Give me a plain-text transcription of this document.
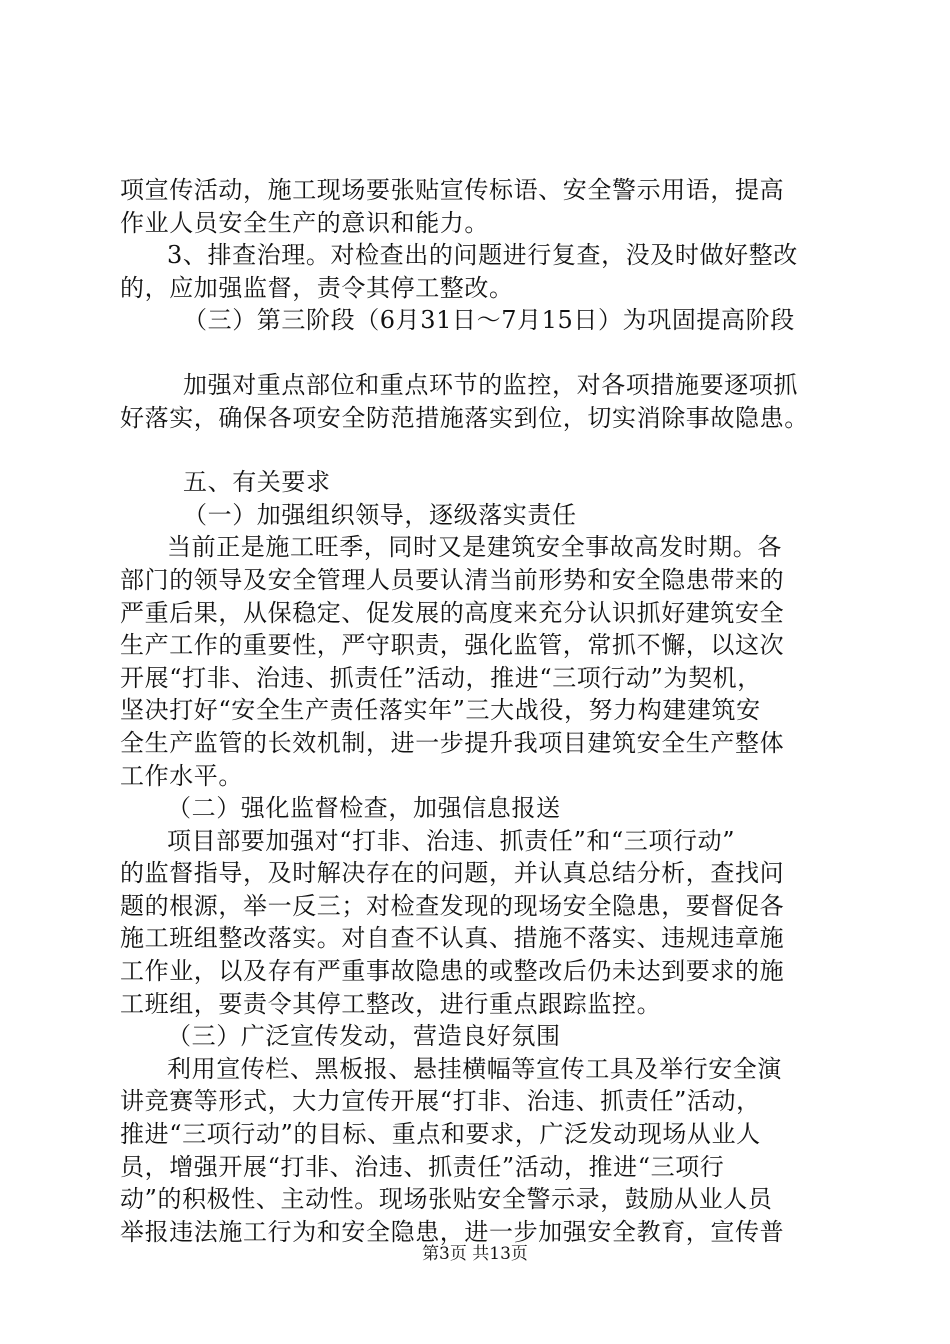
项宣传活动，施工现场要张贴宣传标语、安全警示用语，提高
作业人员安全生产的意识和能力。
3、排查治理。对检查出的问题进行复查，没及时做好整改
的，应加强监督，责令其停工整改。
（三）第三阶段（6月31日～7月15日）为巩固提高阶段
加强对重点部位和重点环节的监控，对各项措施要逐项抓
好落实，确保各项安全防范措施落实到位，切实消除事故隐患。
五、有关要求
（一）加强组织领导，逐级落实责任
当前正是施工旺季，同时又是建筑安全事故高发时期。各
部门的领导及安全管理人员要认清当前形势和安全隐患带来的
严重后果，从保稳定、促发展的高度来充分认识抓好建筑安全
生产工作的重要性，严守职责，强化监管，常抓不懈，以这次
开展“打非、治违、抓责任”活动，推进“三项行动”为契机，
坚决打好“安全生产责任落实年”三大战役，努力构建建筑安
全生产监管的长效机制，进一步提升我项目建筑安全生产整体
工作水平。
（二）强化监督检查，加强信息报送
项目部要加强对“打非、治违、抓责任”和“三项行动”
的监督指导，及时解决存在的问题，并认真总结分析，查找问
题的根源，举一反三；对检查发现的现场安全隐患，要督促各
施工班组整改落实。对自查不认真、措施不落实、违规违章施
工作业，以及存有严重事故隐患的或整改后仍未达到要求的施
工班组，要责令其停工整改，进行重点跟踪监控。
（三）广泛宣传发动，营造良好氛围
利用宣传栏、黑板报、悬挂横幅等宣传工具及举行安全演
讲竞赛等形式，大力宣传开展“打非、治违、抓责任”活动，
推进“三项行动”的目标、重点和要求，广泛发动现场从业人
员，增强开展“打非、治违、抓责任”活动，推进“三项行
动”的积极性、主动性。现场张贴安全警示录，鼓励从业人员
举报违法施工行为和安全隐患，进一步加强安全教育，宣传普
第3页 共13页
